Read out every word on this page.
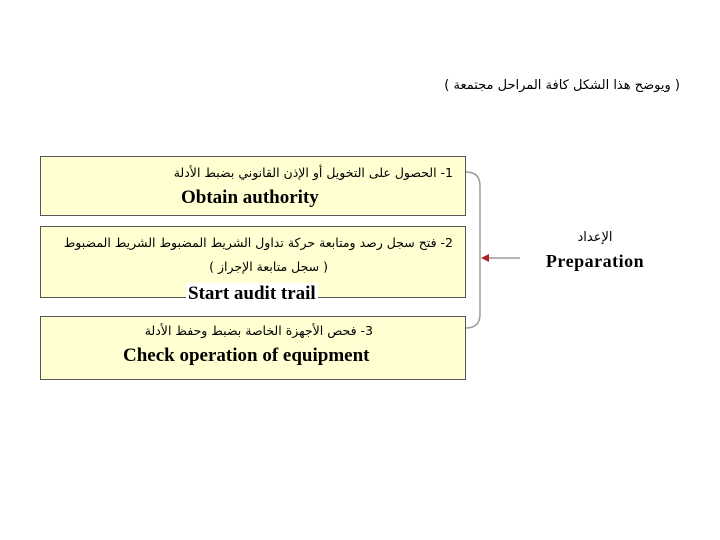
( ويوضح هذا الشكل كافة المراحل مجتمعة )
1- الحصول على التخويل أو الإذن القانوني بضبط الأدلة
Obtain authority
2- فتح سجل رصد ومتابعة حركة تداول الشريط المضبوط الشريط المضبوط
( سجل متابعة الإجراز )
Start audit trail
3- فحص الأجهزة الخاصة بضبط وحفظ الأدلة
Check operation of equipment
الإعداد
Preparation
